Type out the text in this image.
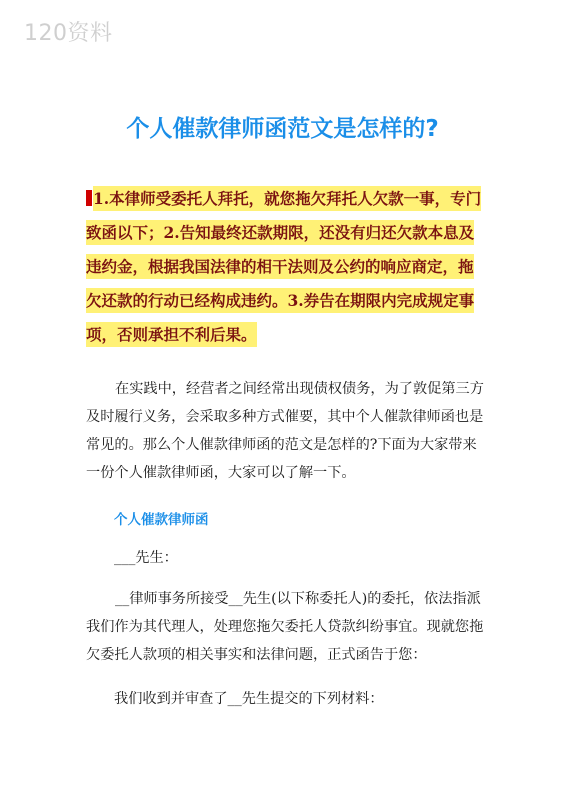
120资料
个人催款律师函范文是怎样的?
1.本律师受委托人拜托，就您拖欠拜托人欠款一事，专门致函以下；2.告知最终还款期限，还没有归还欠款本息及违约金，根据我国法律的相干法则及公约的响应商定，拖欠还款的行动已经构成违约。3.券告在期限内完成规定事项，否则承担不利后果。
在实践中，经营者之间经常出现债权债务，为了敦促第三方及时履行义务，会采取多种方式催要，其中个人催款律师函也是常见的。那么个人催款律师函的范文是怎样的?下面为大家带来一份个人催款律师函，大家可以了解一下。
个人催款律师函
___先生：
__律师事务所接受__先生(以下称委托人)的委托，依法指派我们作为其代理人，处理您拖欠委托人贷款纠纷事宜。现就您拖欠委托人款项的相关事实和法律问题，正式函告于您：
我们收到并审查了__先生提交的下列材料：
